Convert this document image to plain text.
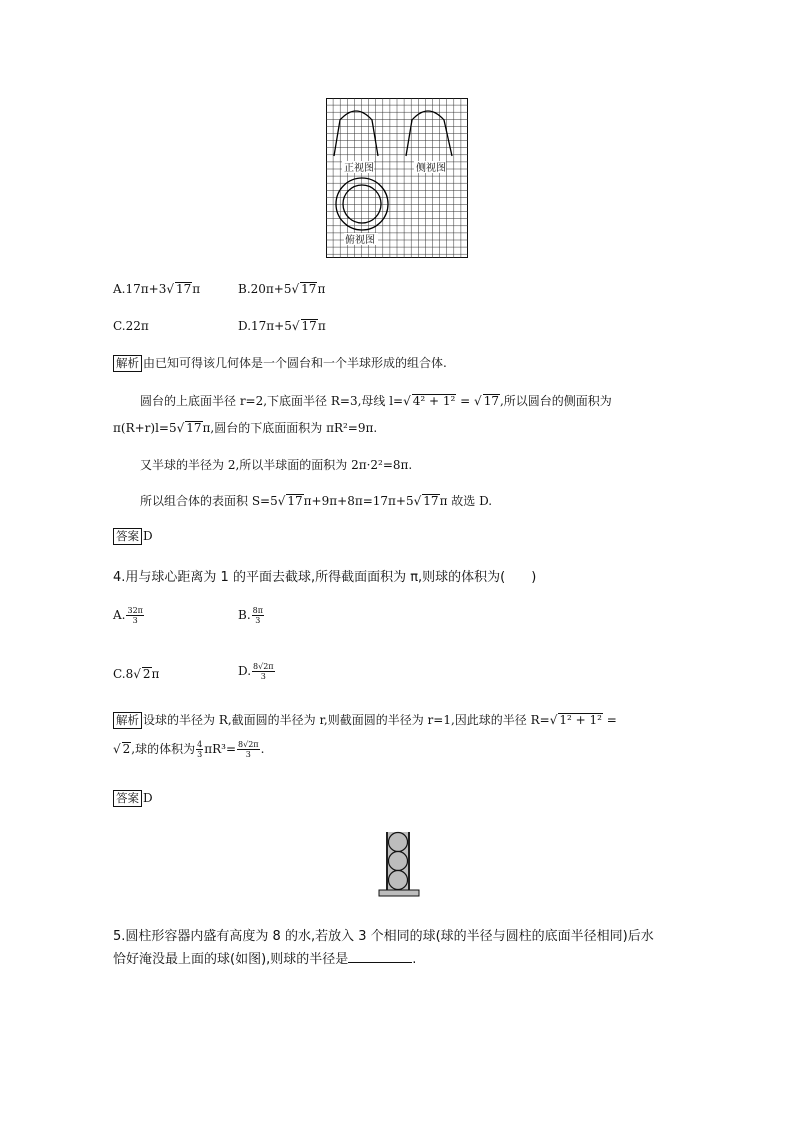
正视图	侧视图
俯视图
A.17π+3√ 17π	B.20π+5√ 17π
C.22π	D.17π+5√ 17π
解析 由已知可得该几何体是一个圆台和一个半球形成的组合体.
圆台的上底面半径 r=2,下底面半径 R=3,母线 l=√ 4² + 1² = √ 17,所以圆台的侧面积为
π(R+r)l=5√ 17π,圆台的下底面面积为 πR²=9π.
又半球的半径为 2,所以半球面的面积为 2π·2²=8π.
所以组合体的表面积 S=5√ 17π+9π+8π=17π+5√ 17π 故选 D.
答案 D
4.用与球心距离为 1 的平面去截球,所得截面面积为 π,则球的体积为(　　)
A. $\frac{32\pi}{3}$	B. $\frac{8\pi}{3}$
C.8√ 2π	D. $\frac{8√2\pi}{3}$
解析 设球的半径为 R,截面圆的半径为 r,则截面圆的半径为 r=1,因此球的半径 R=√ 1² + 1² =
√ 2,球的体积为 $\frac{4}{3} \pi R^3= \frac{8√2\pi}{3}$ .
答案 D
5.圆柱形容器内盛有高度为 8 的水,若放入 3 个相同的球(球的半径与圆柱的底面半径相同)后水
恰好淹没最上面的球(如图),则球的半径是	.
